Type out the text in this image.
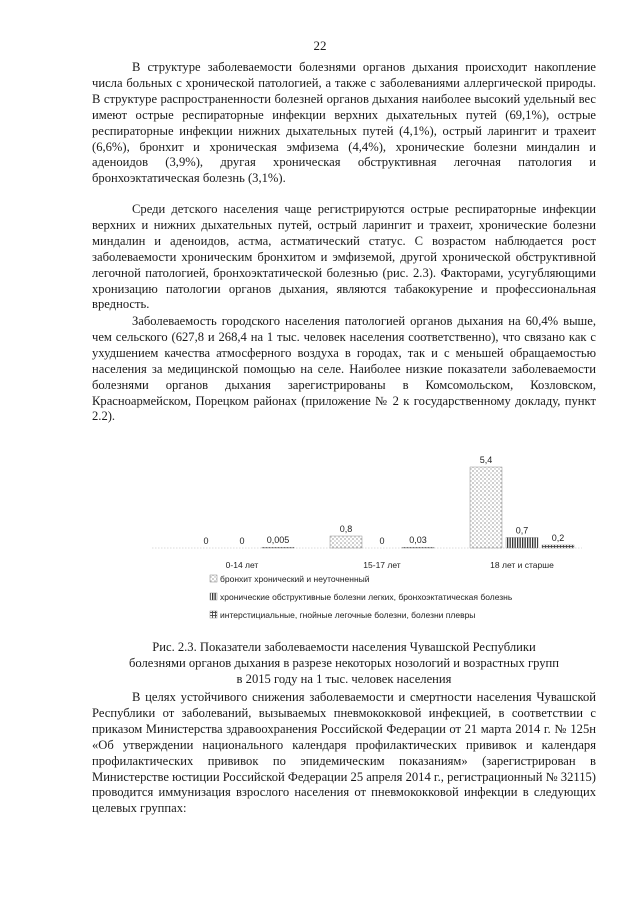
22

В структуре заболеваемости болезнями органов дыхания происходит накопление числа больных с хронической патологией, а также с заболеваниями аллергической природы. В структуре распространенности болезней органов дыхания наиболее высокий удельный вес имеют острые респираторные инфекции верхних дыхательных путей (69,1%), острые респираторные инфекции нижних дыхательных путей (4,1%), острый ларингит и трахеит (6,6%), бронхит и хроническая эмфизема (4,4%), хронические болезни миндалин и аденоидов (3,9%), другая хроническая обструктивная легочная патология и бронхоэктатическая болезнь (3,1%).

Среди детского населения чаще регистрируются острые респираторные инфекции верхних и нижних дыхательных путей, острый ларингит и трахеит, хронические болезни миндалин и аденоидов, астма, астматический статус. С возрастом наблюдается рост заболеваемости хроническим бронхитом и эмфиземой, другой хронической обструктивной легочной патологией, бронхоэктатической болезнью (рис. 2.3). Факторами, усугубляющими хронизацию патологии органов дыхания, являются табакокурение и профессиональная вредность.

Заболеваемость городского населения патологией органов дыхания на 60,4% выше, чем сельского (627,8 и 268,4 на 1 тыс. человек населения соответственно), что связано как с ухудшением качества атмосферного воздуха в городах, так и с меньшей обращаемостью населения за медицинской помощью на селе. Наиболее низкие показатели заболеваемости болезнями органов дыхания зарегистрированы в Комсомольском, Козловском, Красноармейском, Порецком районах (приложение № 2 к государственному докладу, пункт 2.2).

0	0 0,005
0-14 лет
0,8
0	0,03
15-17 лет
5,4
0,7
0,2
18 лет и старше
бронхит хронический и неуточненный
хронические обструктивные болезни легких, бронхоэктатическая болезнь
интерстициальные, гнойные легочные болезни, болезни плевры
Рис. 2.3. Показатели заболеваемости населения Чувашской Республики
болезнями органов дыхания в разрезе некоторых нозологий и возрастных групп
в 2015 году на 1 тыс. человек населения

В целях устойчивого снижения заболеваемости и смертности населения Чувашской Республики от заболеваний, вызываемых пневмококковой инфекцией, в соответствии с приказом Министерства здравоохранения Российской Федерации от 21 марта 2014 г. № 125н «Об утверждении национального календаря профилактических прививок и календаря профилактических прививок по эпидемическим показаниям» (зарегистрирован в Министерстве юстиции Российской Федерации 25 апреля 2014 г., регистрационный № 32115) проводится иммунизация взрослого населения от пневмококковой инфекции в следующих целевых группах:
